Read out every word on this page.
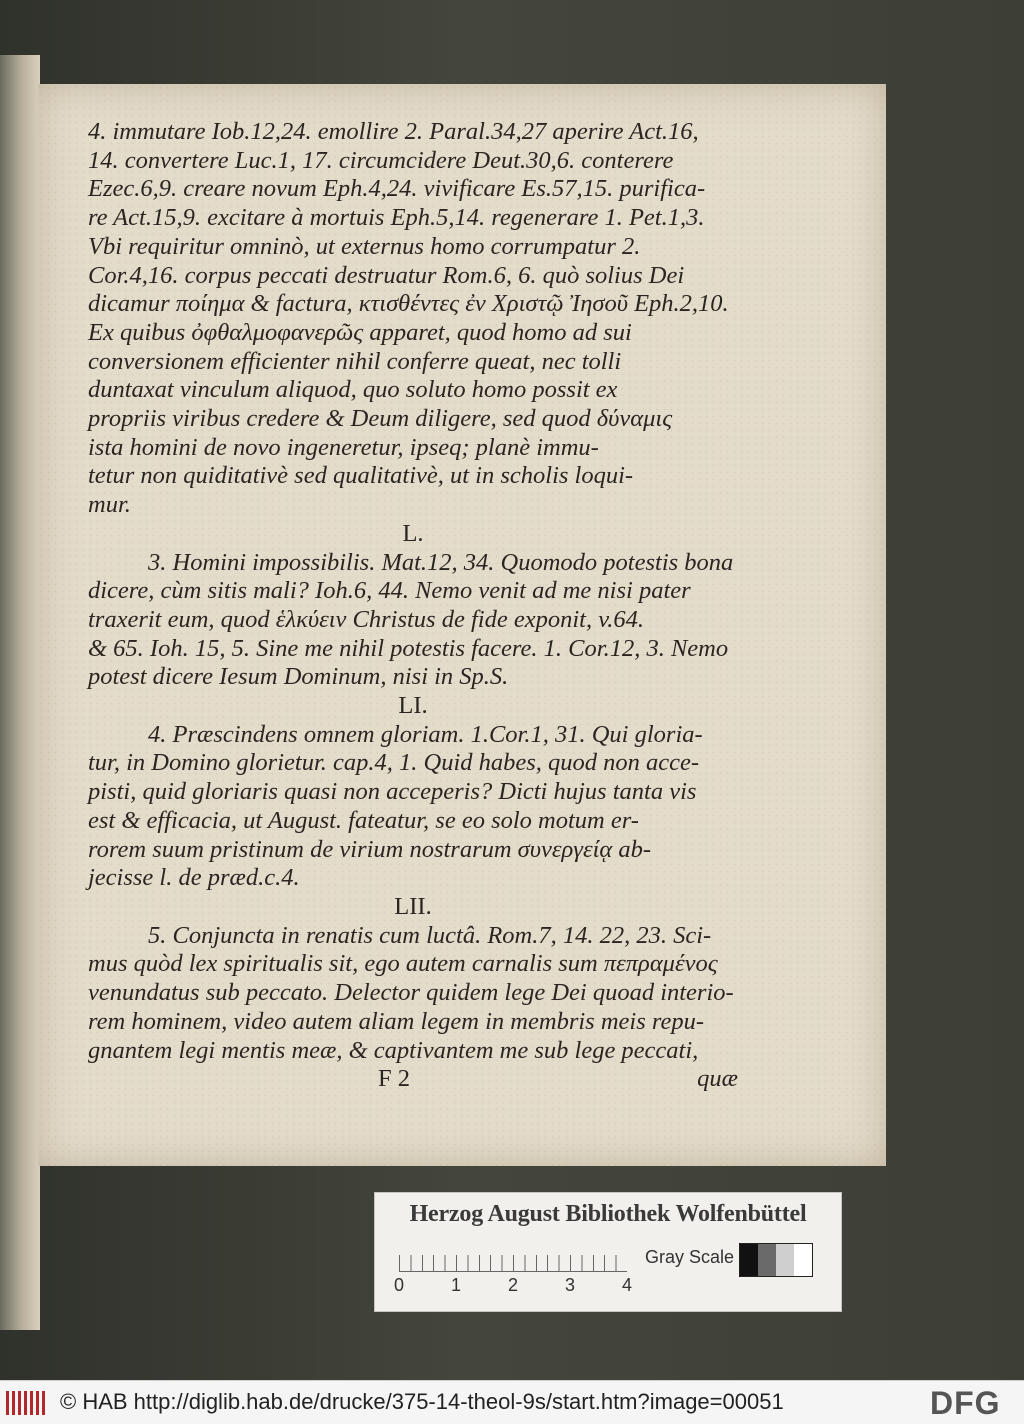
4. immutare Iob.12,24. emollire 2. Paral.34,27 aperire Act.16,
14. convertere Luc.1, 17. circumcidere Deut.30,6. conterere
Ezec.6,9. creare novum Eph.4,24. vivificare Es.57,15. purifica-
re Act.15,9. excitare à mortuis Eph.5,14. regenerare 1. Pet.1,3.
Vbi requiritur omninò, ut externus homo corrumpatur 2.
Cor.4,16. corpus peccati destruatur Rom.6, 6. quò solius Dei
dicamur ποίημα & factura, κτισθέντες ἐν Χριστῷ Ἰησοῦ Eph.2,10.
Ex quibus ὀφθαλμοφανερῶς apparet, quod homo ad sui
conversionem efficienter nihil conferre queat, nec tolli
duntaxat vinculum aliquod, quo soluto homo possit ex
propriis viribus credere & Deum diligere, sed quod δύναμις
ista homini de novo ingeneretur, ipseq; planè immu-
tetur non quiditativè sed qualitativè, ut in scholis loqui-
mur.
L.
3. Homini impossibilis. Mat.12, 34. Quomodo potestis bona
dicere, cùm sitis mali? Ioh.6, 44. Nemo venit ad me nisi pater
traxerit eum, quod ἑλκύειν Christus de fide exponit, v.64.
& 65. Ioh. 15, 5. Sine me nihil potestis facere. 1. Cor.12, 3. Nemo
potest dicere Iesum Dominum, nisi in Sp.S.
LI.
4. Præscindens omnem gloriam. 1.Cor.1, 31. Qui gloria-
tur, in Domino glorietur. cap.4, 1. Quid habes, quod non acce-
pisti, quid gloriaris quasi non acceperis? Dicti hujus tanta vis
est & efficacia, ut August. fateatur, se eo solo motum er-
rorem suum pristinum de virium nostrarum συνεργείᾳ ab-
jecisse l. de præd.c.4.
LII.
5. Conjuncta in renatis cum luctâ. Rom.7, 14. 22, 23. Sci-
mus quòd lex spiritualis sit, ego autem carnalis sum πεπραμένος
venundatus sub peccato. Delector quidem lege Dei quoad interio-
rem hominem, video autem aliam legem in membris meis repu-
gnantem legi mentis meæ, & captivantem me sub lege peccati,
F 2	quæ
Herzog August Bibliothek Wolfenbüttel
0	1	2	3	4
Gray Scale
© HAB http://diglib.hab.de/drucke/375-14-theol-9s/start.htm?image=00051	DFG
